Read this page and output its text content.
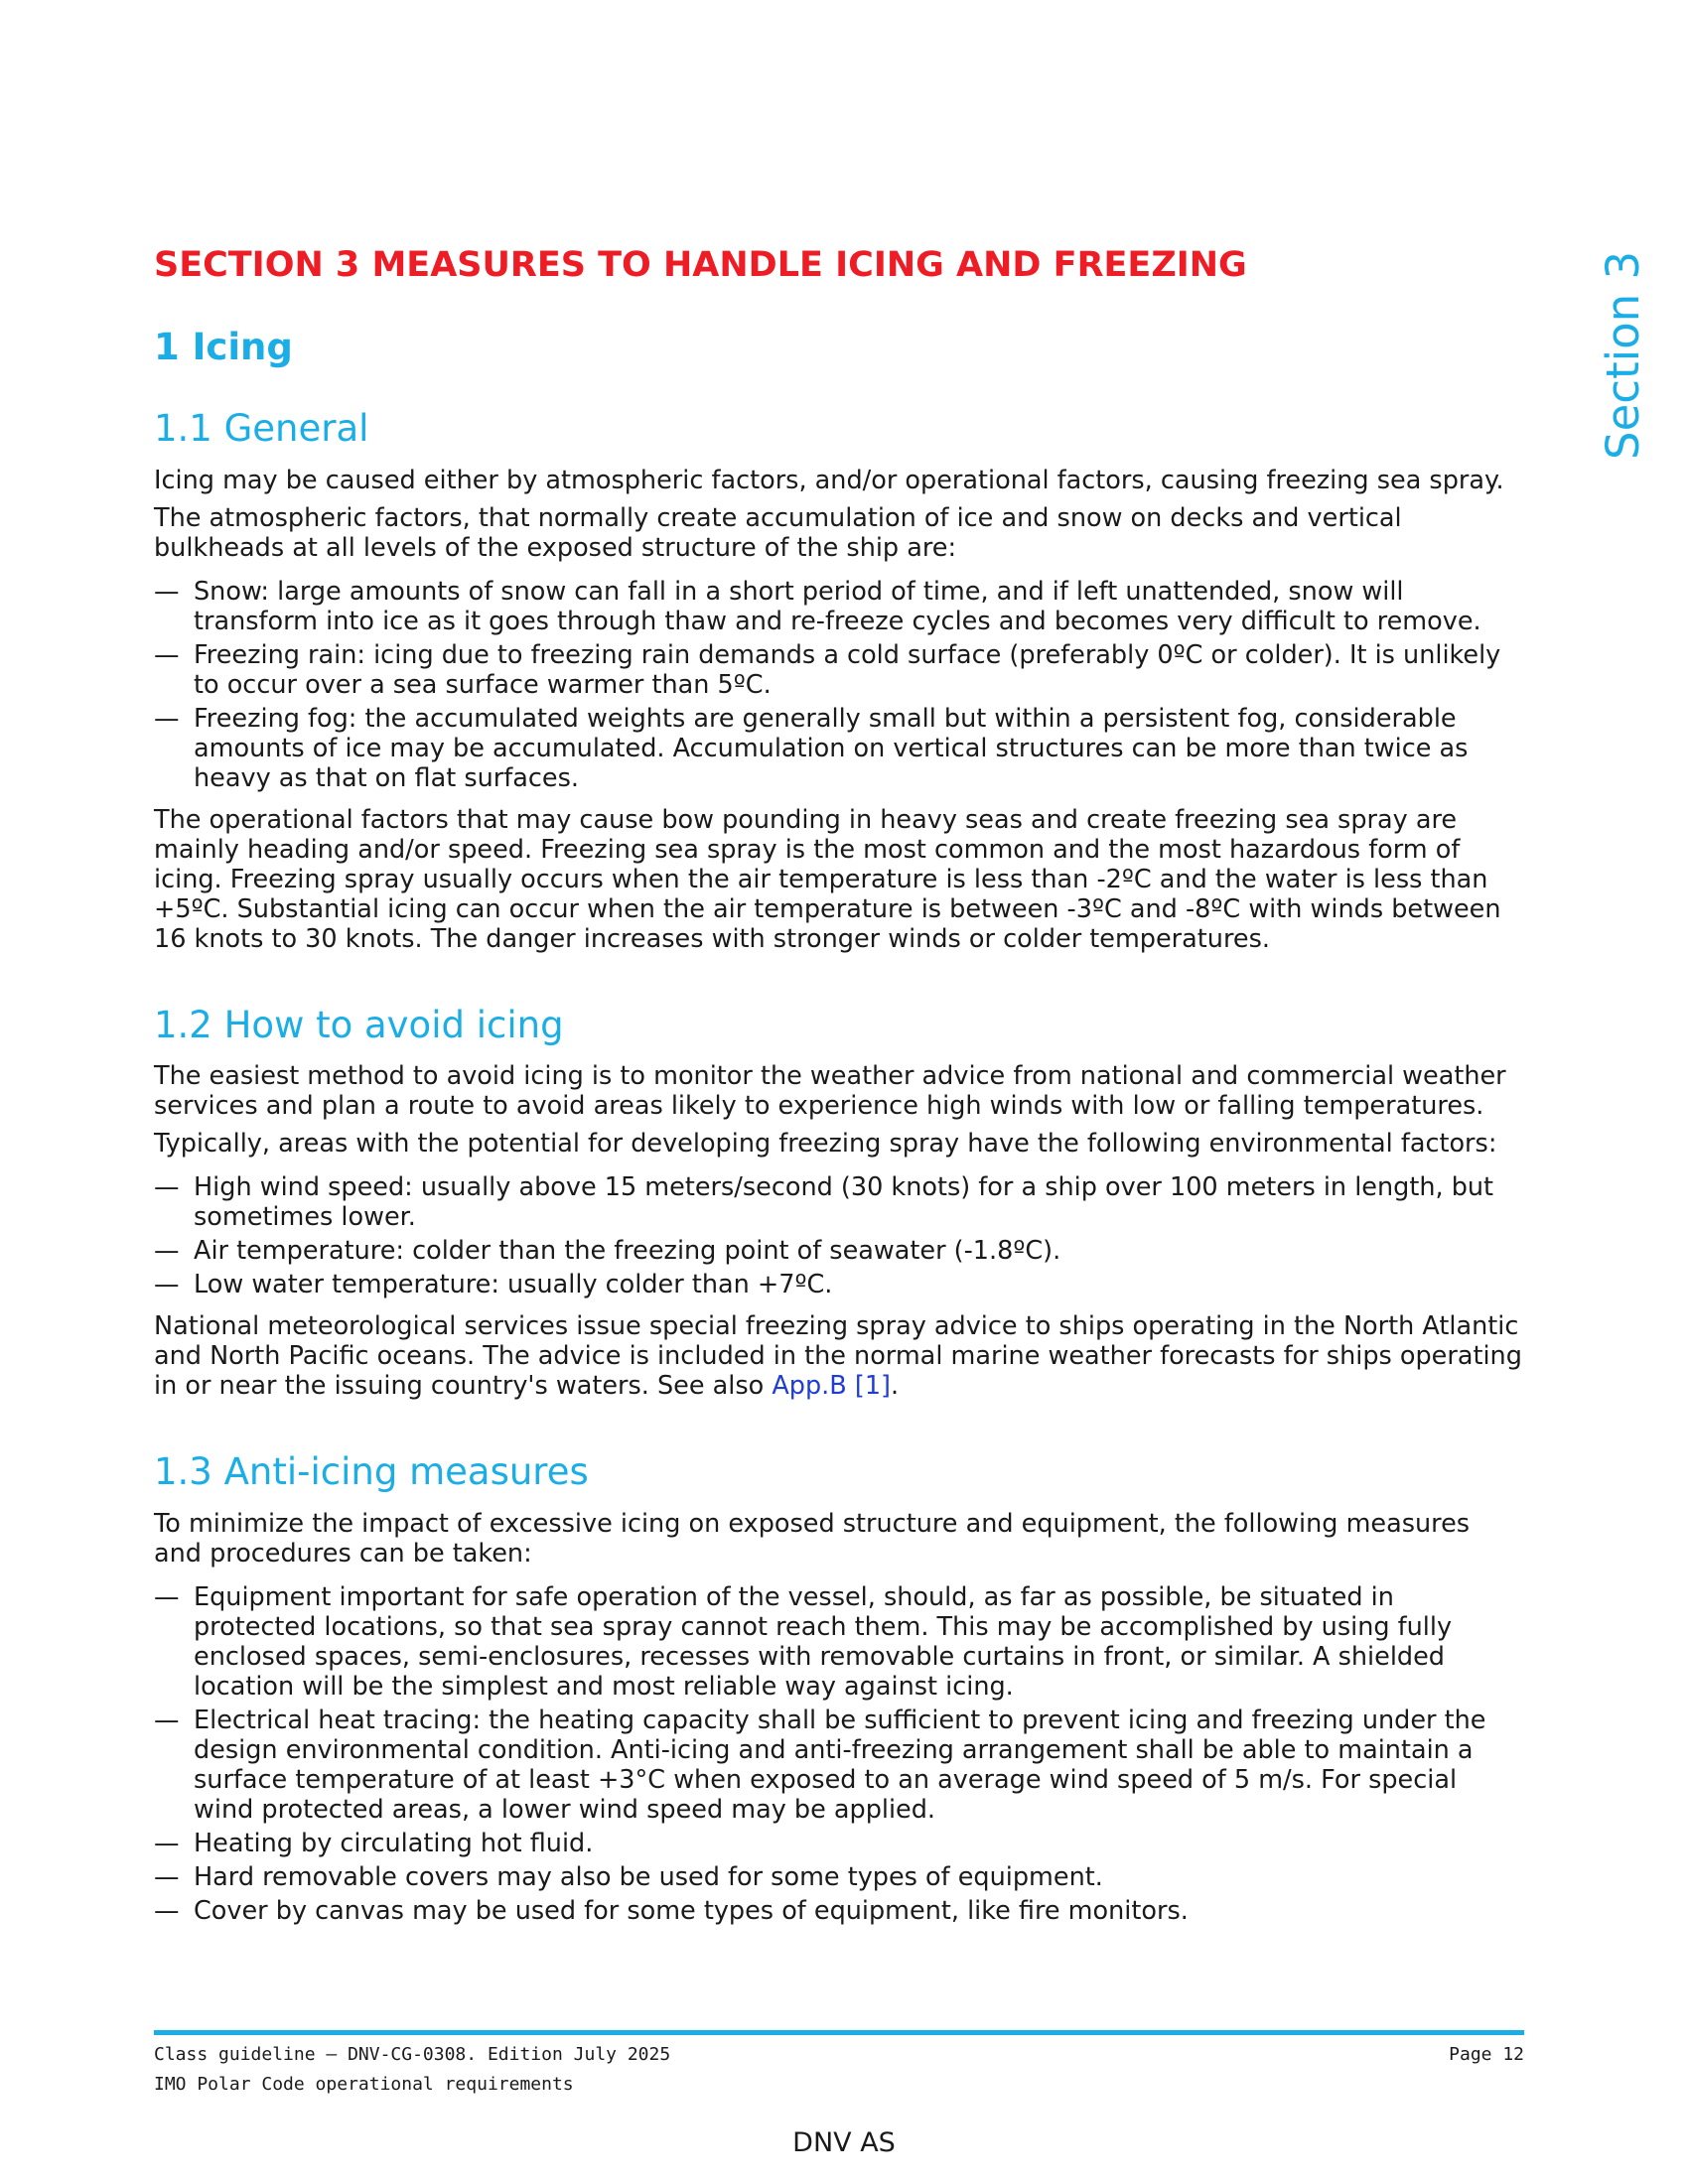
Section 3
SECTION 3 MEASURES TO HANDLE ICING AND FREEZING
1 Icing
1.1 General

Icing may be caused either by atmospheric factors, and/or operational factors, causing freezing sea spray.

The atmospheric factors, that normally create accumulation of ice and snow on decks and vertical bulkheads at all levels of the exposed structure of the ship are:

— Snow: large amounts of snow can fall in a short period of time, and if left unattended, snow will transform into ice as it goes through thaw and re-freeze cycles and becomes very difficult to remove.
— Freezing rain: icing due to freezing rain demands a cold surface (preferably 0ºC or colder). It is unlikely to occur over a sea surface warmer than 5ºC.
— Freezing fog: the accumulated weights are generally small but within a persistent fog, considerable amounts of ice may be accumulated. Accumulation on vertical structures can be more than twice as heavy as that on flat surfaces.

The operational factors that may cause bow pounding in heavy seas and create freezing sea spray are mainly heading and/or speed. Freezing sea spray is the most common and the most hazardous form of icing. Freezing spray usually occurs when the air temperature is less than -2ºC and the water is less than +5ºC. Substantial icing can occur when the air temperature is between -3ºC and -8ºC with winds between 16 knots to 30 knots. The danger increases with stronger winds or colder temperatures.

1.2 How to avoid icing

The easiest method to avoid icing is to monitor the weather advice from national and commercial weather services and plan a route to avoid areas likely to experience high winds with low or falling temperatures.

Typically, areas with the potential for developing freezing spray have the following environmental factors:

— High wind speed: usually above 15 meters/second (30 knots) for a ship over 100 meters in length, but sometimes lower.
— Air temperature: colder than the freezing point of seawater (-1.8ºC).
— Low water temperature: usually colder than +7ºC.

National meteorological services issue special freezing spray advice to ships operating in the North Atlantic and North Pacific oceans. The advice is included in the normal marine weather forecasts for ships operating in or near the issuing country's waters. See also App.B [1].

1.3 Anti-icing measures

To minimize the impact of excessive icing on exposed structure and equipment, the following measures and procedures can be taken:

— Equipment important for safe operation of the vessel, should, as far as possible, be situated in protected locations, so that sea spray cannot reach them. This may be accomplished by using fully enclosed spaces, semi-enclosures, recesses with removable curtains in front, or similar. A shielded location will be the simplest and most reliable way against icing.
— Electrical heat tracing: the heating capacity shall be sufficient to prevent icing and freezing under the design environmental condition. Anti-icing and anti-freezing arrangement shall be able to maintain a surface temperature of at least +3°C when exposed to an average wind speed of 5 m/s. For special wind protected areas, a lower wind speed may be applied.
— Heating by circulating hot fluid.
— Hard removable covers may also be used for some types of equipment.
— Cover by canvas may be used for some types of equipment, like fire monitors.
Class guideline — DNV-CG-0308. Edition July 2025
IMO Polar Code operational requirements
Page 12
DNV AS
